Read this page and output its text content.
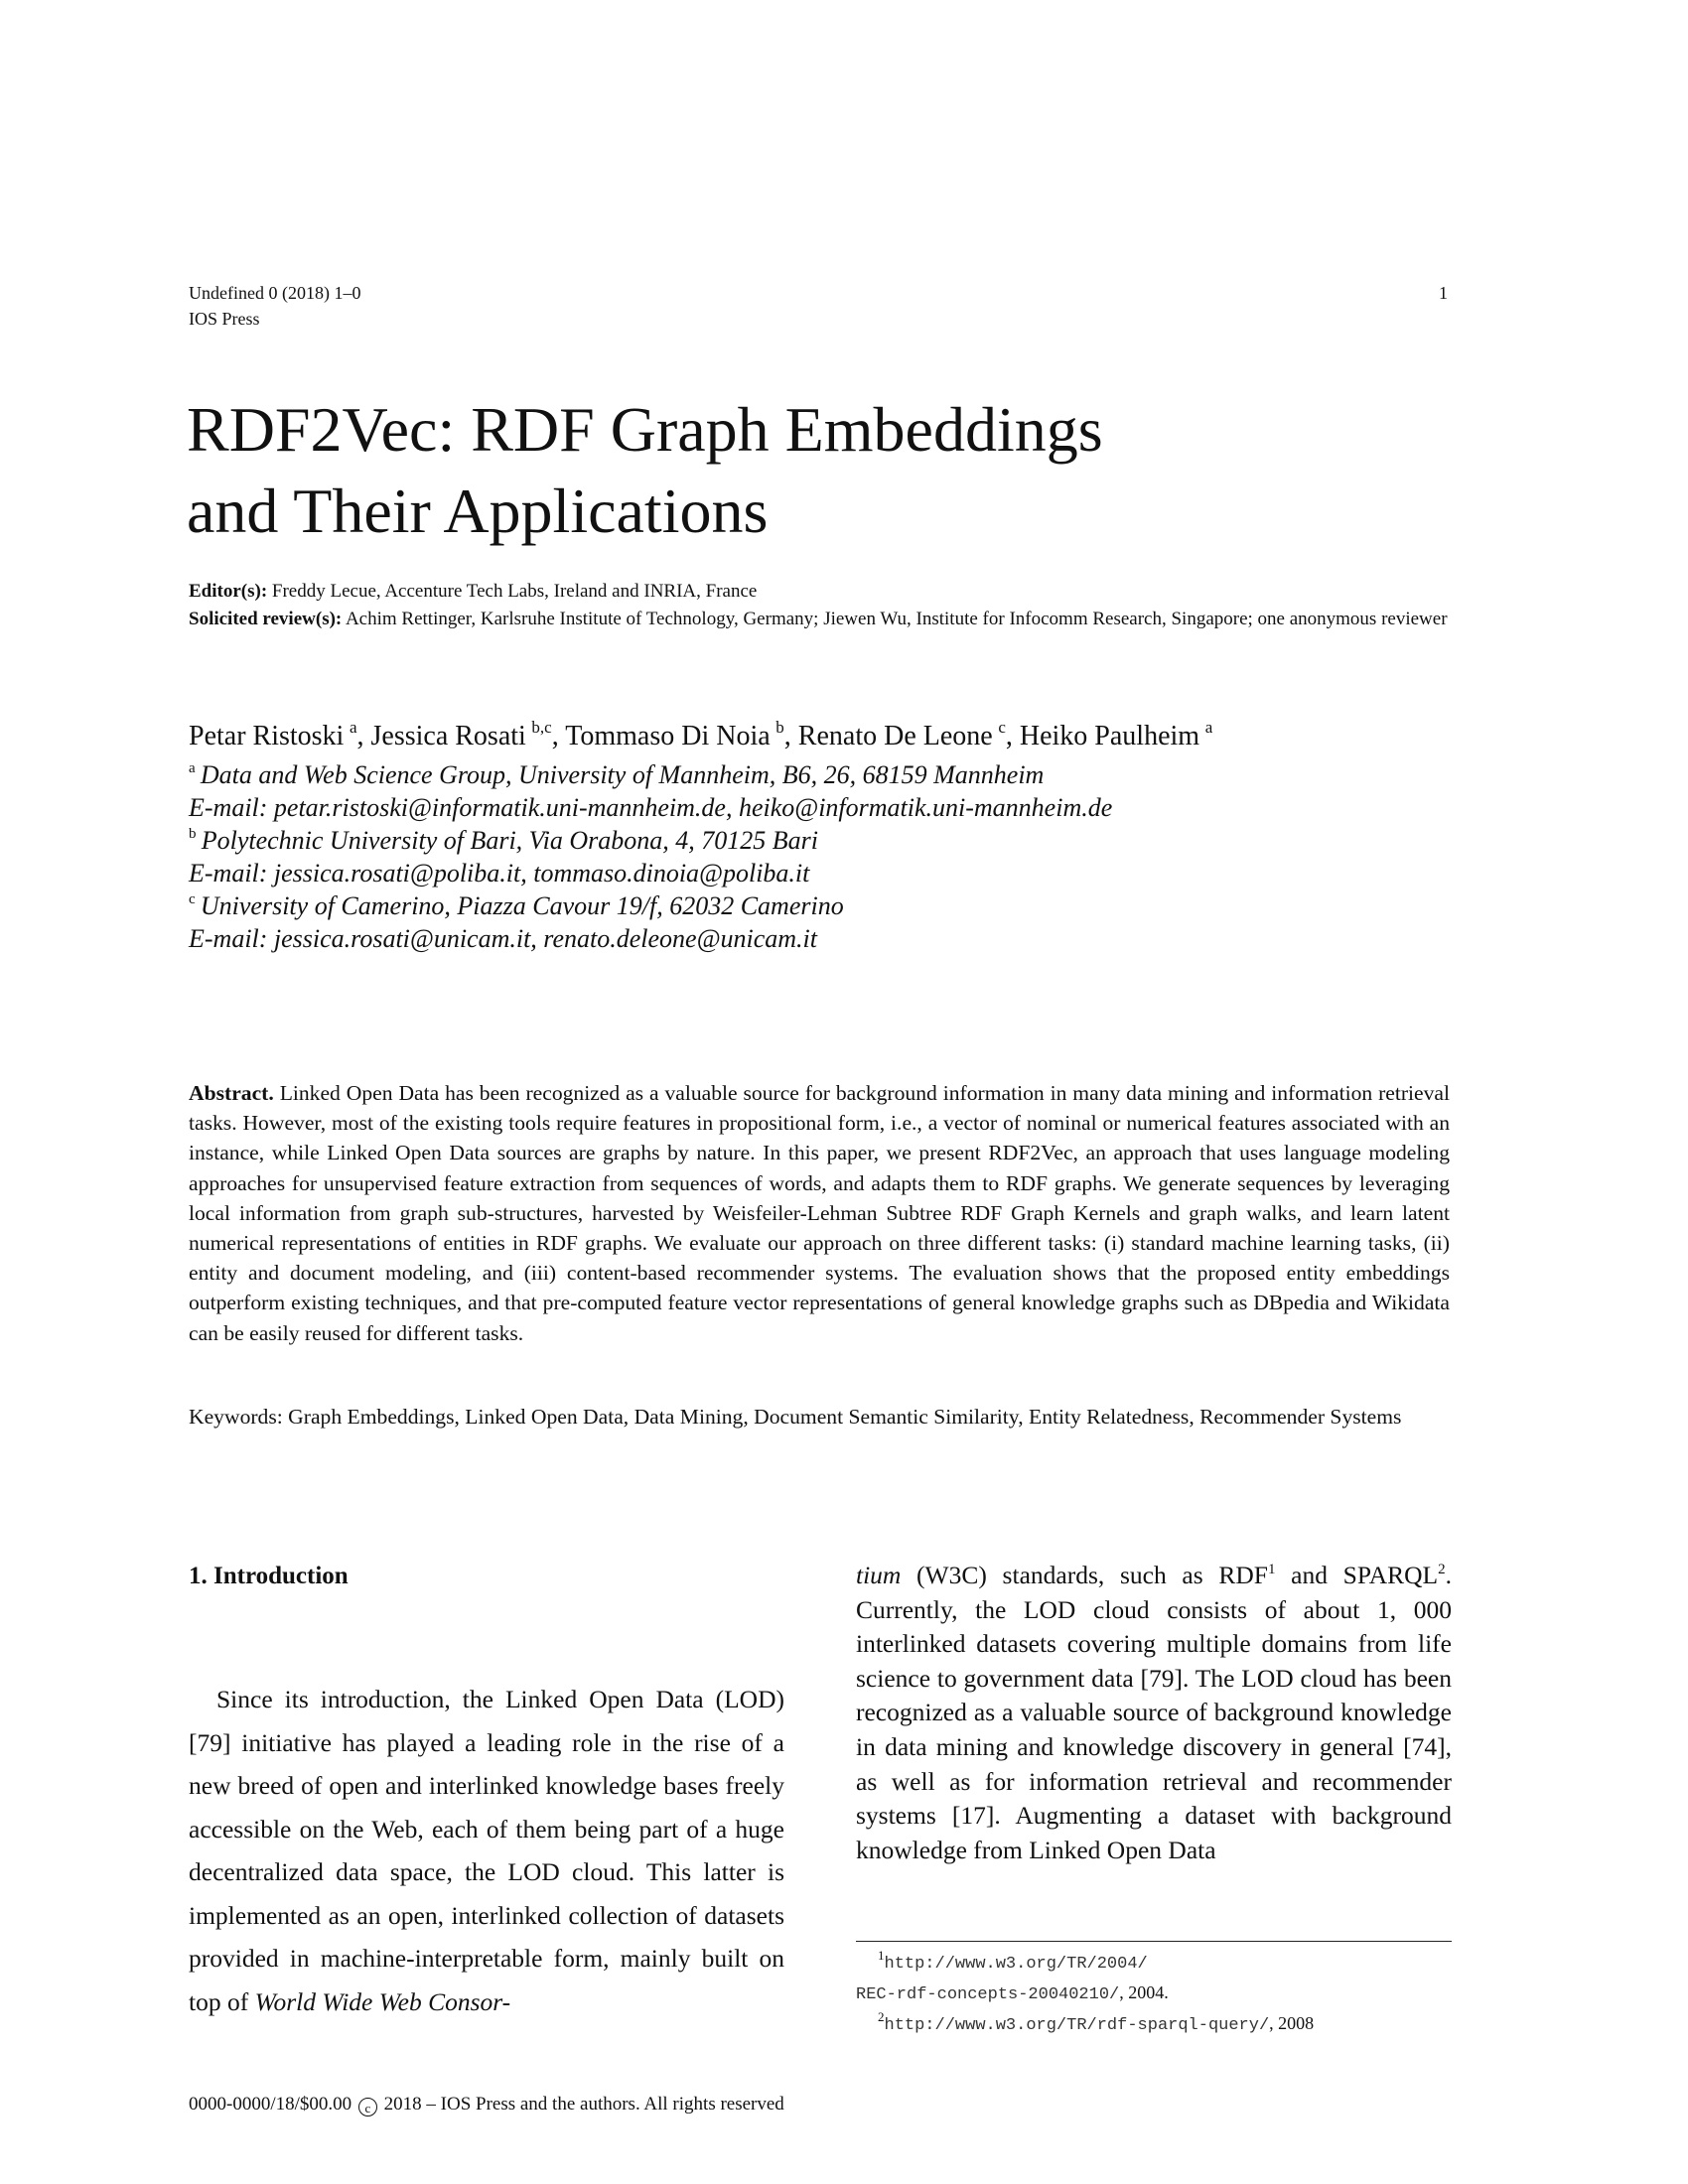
Undefined 0 (2018) 1–0
IOS Press
1
RDF2Vec: RDF Graph Embeddings
and Their Applications
Editor(s): Freddy Lecue, Accenture Tech Labs, Ireland and INRIA, France
Solicited review(s): Achim Rettinger, Karlsruhe Institute of Technology, Germany; Jiewen Wu, Institute for Infocomm Research, Singapore; one anonymous reviewer
Petar Ristoski  $^a$, Jessica Rosati  $^{b,c}$, Tommaso Di Noia  $^b$, Renato De Leone  $^c$, Heiko Paulheim  $^a$
$^a$  Data and Web Science Group, University of Mannheim, B6, 26, 68159 Mannheim
E-mail: petar.ristoski@informatik.uni-mannheim.de, heiko@informatik.uni-mannheim.de
$^b$  Polytechnic University of Bari, Via Orabona, 4, 70125 Bari
E-mail: jessica.rosati@poliba.it, tommaso.dinoia@poliba.it
$^c$  University of Camerino, Piazza Cavour 19/f, 62032 Camerino
E-mail: jessica.rosati@unicam.it, renato.deleone@unicam.it
Abstract. Linked Open Data has been recognized as a valuable source for background information in many data mining and information retrieval tasks. However, most of the existing tools require features in propositional form, i.e., a vector of nominal or numerical features associated with an instance, while Linked Open Data sources are graphs by nature. In this paper, we present RDF2Vec, an approach that uses language modeling approaches for unsupervised feature extraction from sequences of words, and adapts them to RDF graphs. We generate sequences by leveraging local information from graph sub-structures, harvested by Weisfeiler-Lehman Subtree RDF Graph Kernels and graph walks, and learn latent numerical representations of entities in RDF graphs. We evaluate our approach on three different tasks: (i) standard machine learning tasks, (ii) entity and document modeling, and (iii) content-based recommender systems. The evaluation shows that the proposed entity embeddings outperform existing techniques, and that pre-computed feature vector representations of general knowledge graphs such as DBpedia and Wikidata can be easily reused for different tasks.
Keywords: Graph Embeddings, Linked Open Data, Data Mining, Document Semantic Similarity, Entity Relatedness, Recommender Systems
1. Introduction

Since its introduction, the Linked Open Data (LOD) [79] initiative has played a leading role in the rise of a new breed of open and interlinked knowledge bases freely accessible on the Web, each of them being part of a huge decentralized data space, the LOD cloud. This latter is implemented as an open, interlinked collection of datasets provided in machine-interpretable form, mainly built on top of World Wide Web Consor-

tium (W3C) standards, such as RDF$^1$ and SPARQL$^2$. Currently, the LOD cloud consists of about 1, 000 interlinked datasets covering multiple domains from life science to government data [79]. The LOD cloud has been recognized as a valuable source of background knowledge in data mining and knowledge discovery in general [74], as well as for information retrieval and recommender systems [17]. Augmenting a dataset with background knowledge from Linked Open Data

$^1$http://www.w3.org/TR/2004/
REC-rdf-concepts-20040210/, 2004.
$^2$http://www.w3.org/TR/rdf-sparql-query/, 2008
0000-0000/18/$00.00 c 2018 – IOS Press and the authors. All rights reserved
